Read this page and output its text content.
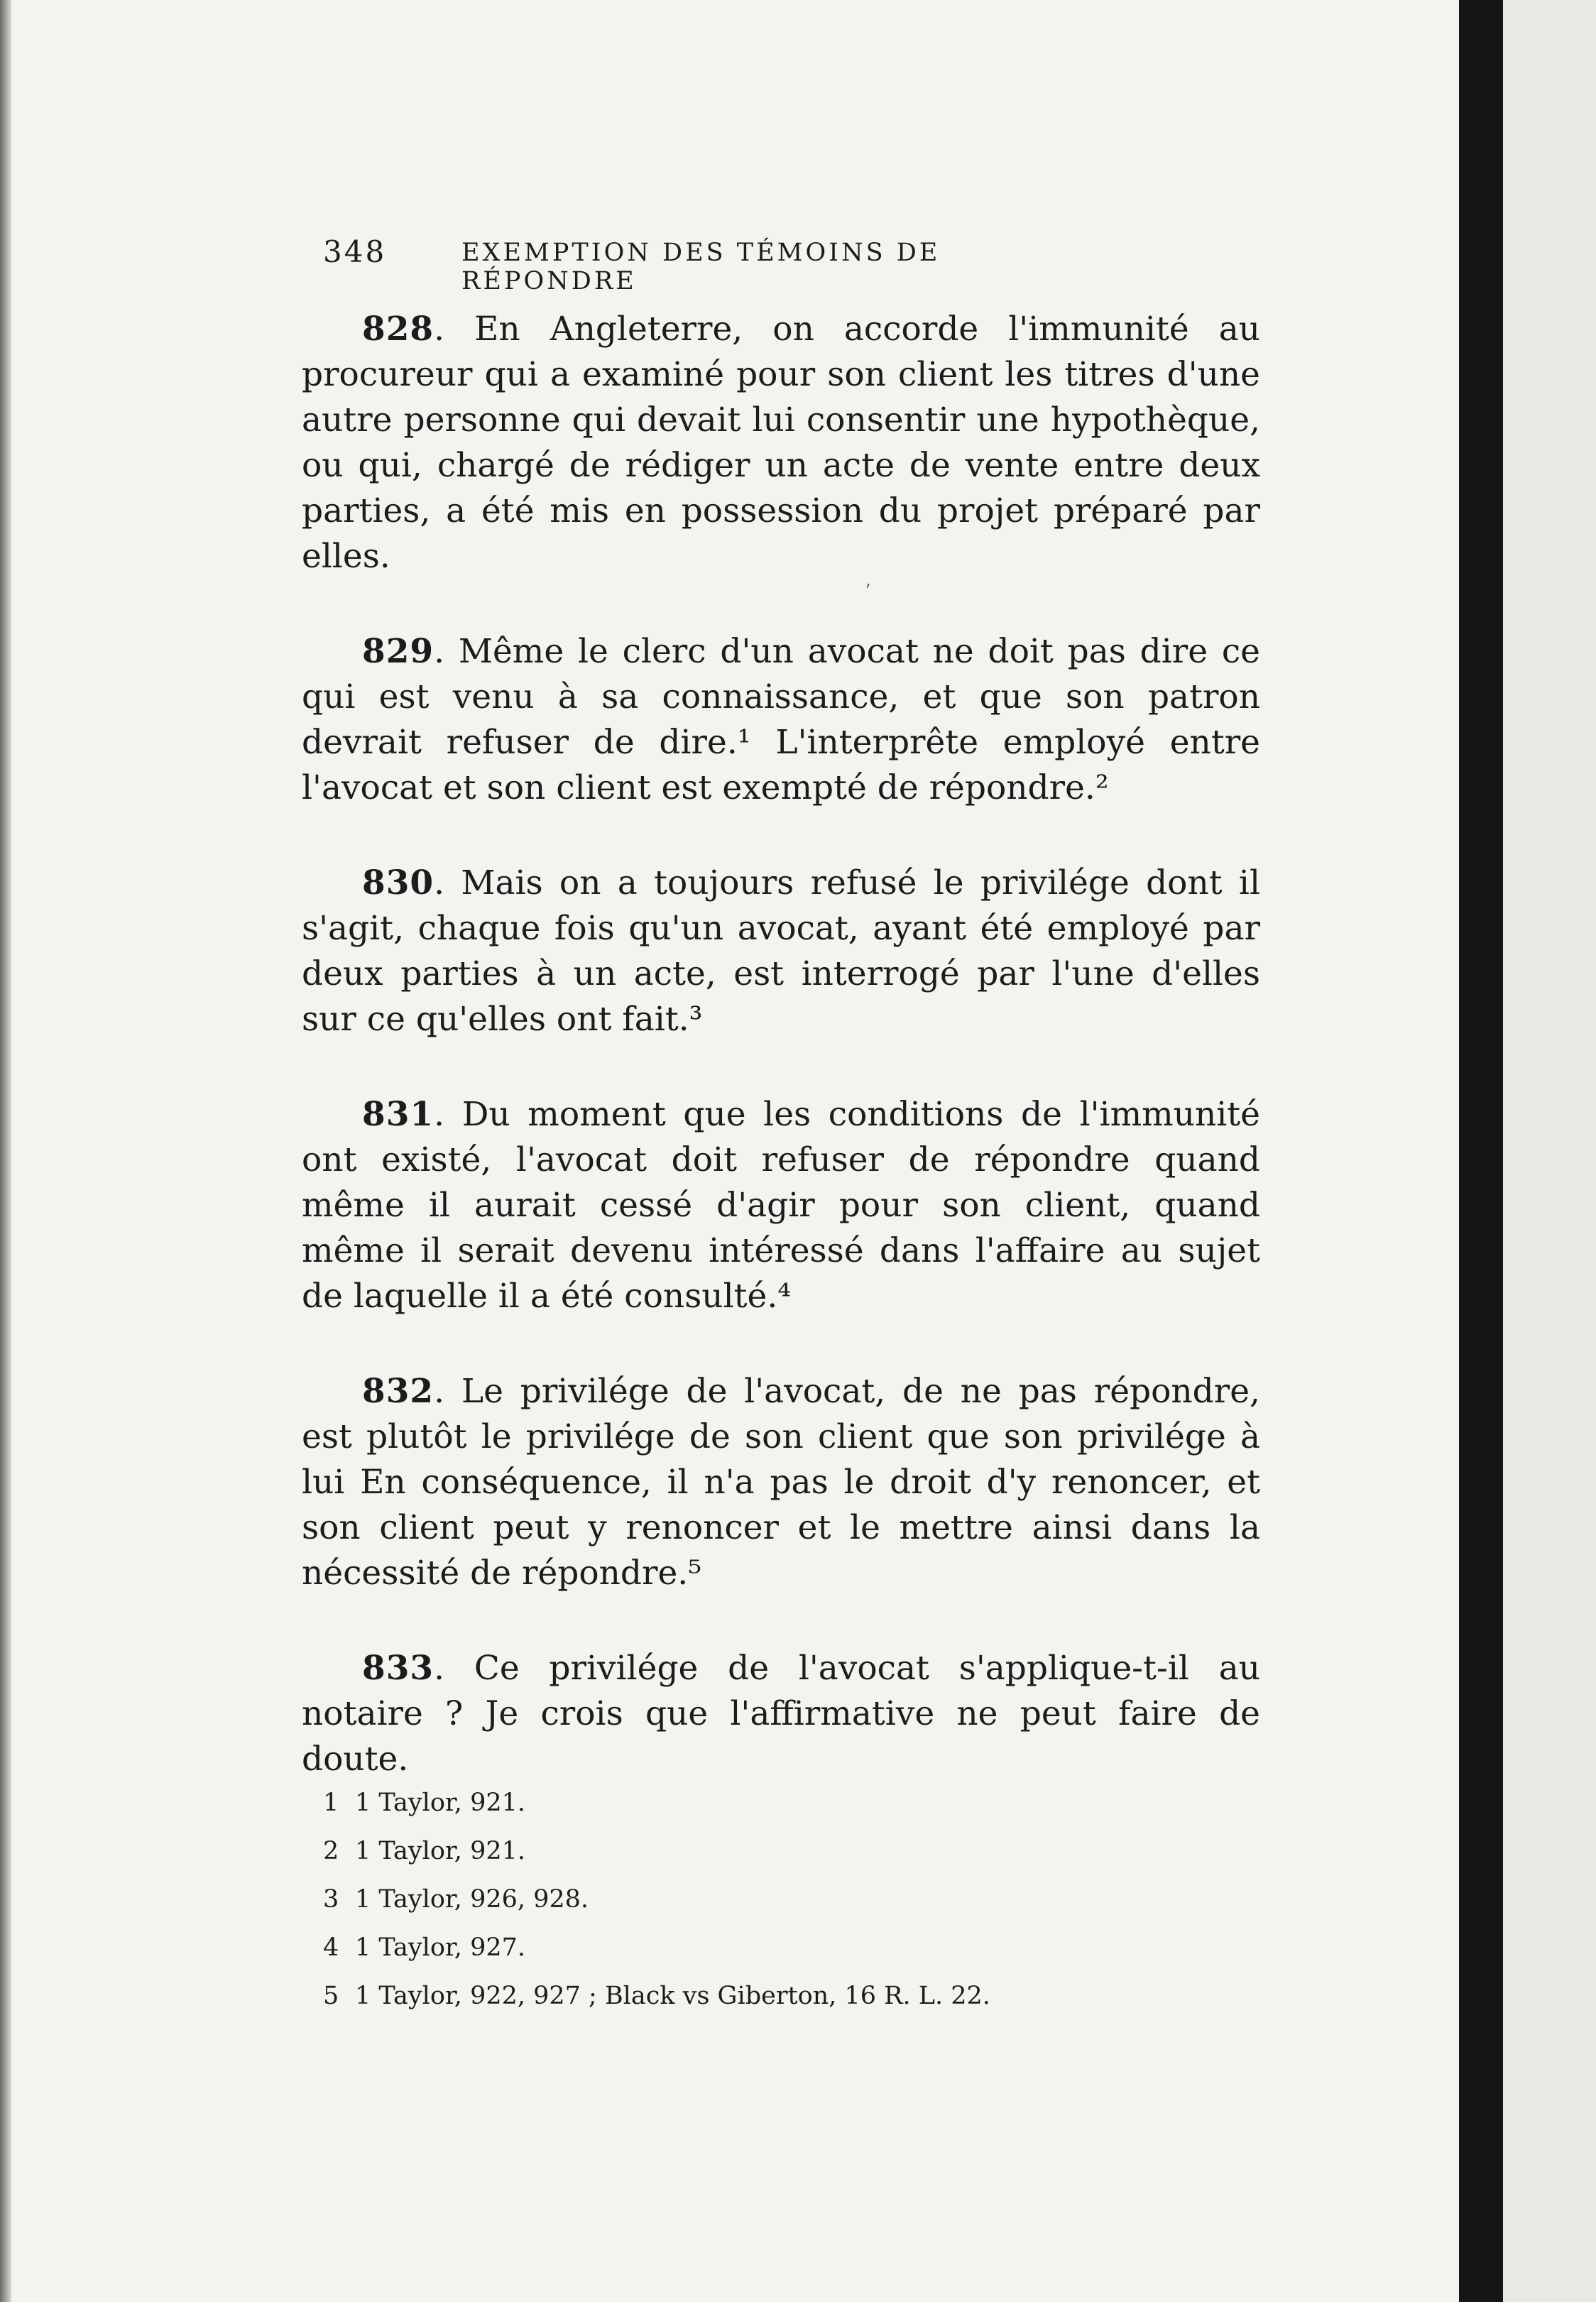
348	EXEMPTION DES TÉMOINS DE RÉPONDRE
ʼ

828. En Angleterre, on accorde l'immunité au procureur qui a examiné pour son client les titres d'une autre personne qui devait lui consentir une hypothèque, ou qui, chargé de rédiger un acte de vente entre deux parties, a été mis en possession du projet préparé par elles.

829. Même le clerc d'un avocat ne doit pas dire ce qui est venu à sa connaissance, et que son patron devrait refuser de dire.¹ L'interprête employé entre l'avocat et son client est exempté de répondre.²

830. Mais on a toujours refusé le privilége dont il s'agit, chaque fois qu'un avocat, ayant été employé par deux parties à un acte, est interrogé par l'une d'elles sur ce qu'elles ont fait.³

831. Du moment que les conditions de l'immunité ont existé, l'avocat doit refuser de répondre quand même il aurait cessé d'agir pour son client, quand même il serait devenu intéressé dans l'affaire au sujet de laquelle il a été consulté.⁴

832. Le privilége de l'avocat, de ne pas répondre, est plutôt le privilége de son client que son privilége à lui En conséquence, il n'a pas le droit d'y renoncer, et son client peut y renoncer et le mettre ainsi dans la nécessité de répondre.⁵

833. Ce privilége de l'avocat s'applique-t-il au notaire ? Je crois que l'affirmative ne peut faire de doute.

1 1 Taylor, 921.
2 1 Taylor, 921.
3 1 Taylor, 926, 928.
4 1 Taylor, 927.
5 1 Taylor, 922, 927 ; Black vs Giberton, 16 R. L. 22.
